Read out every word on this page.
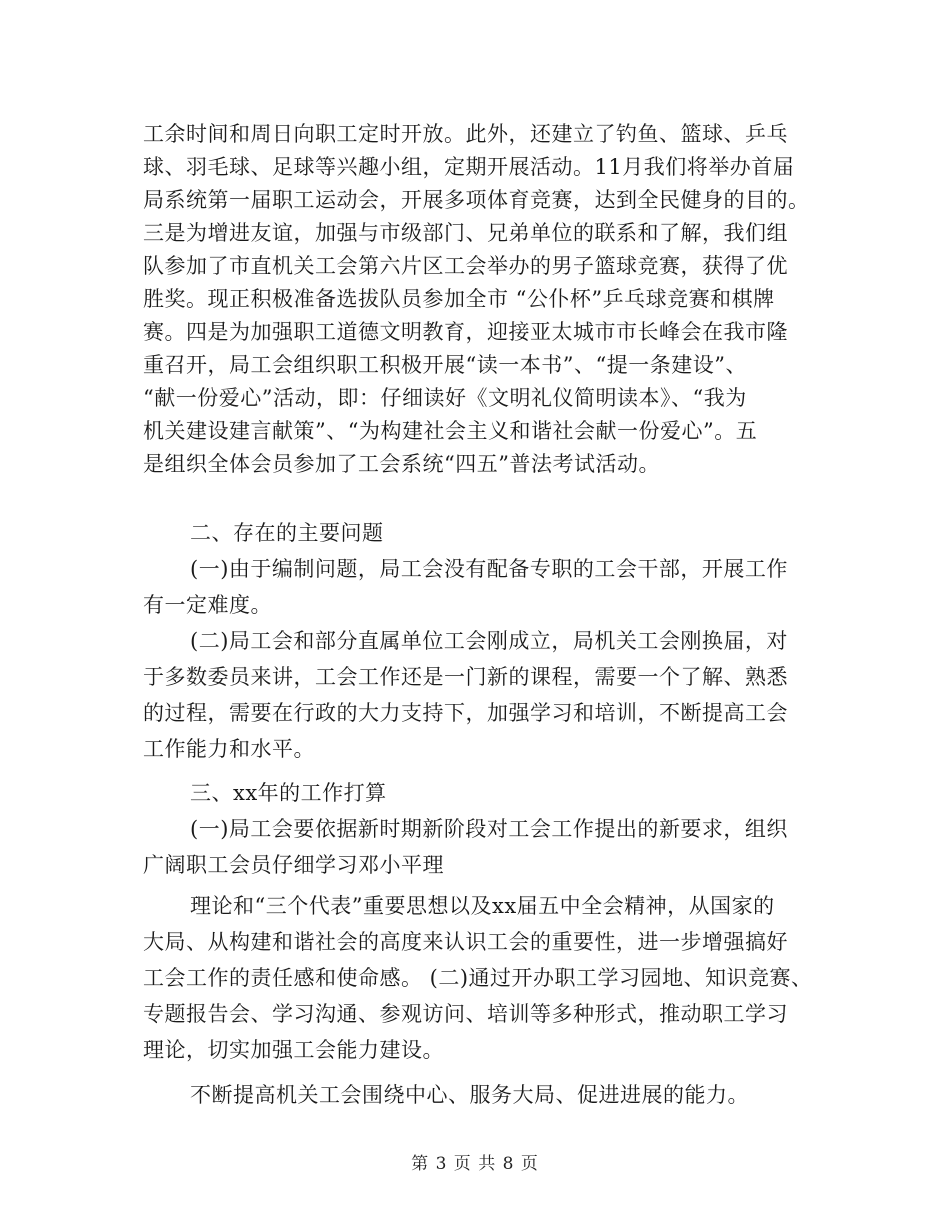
工余时间和周日向职工定时开放。此外，还建立了钓鱼、篮球、乒乓
球、羽毛球、足球等兴趣小组，定期开展活动。11月我们将举办首届
局系统第一届职工运动会，开展多项体育竞赛，达到全民健身的目的。
三是为增进友谊，加强与市级部门、兄弟单位的联系和了解，我们组
队参加了市直机关工会第六片区工会举办的男子篮球竞赛，获得了优
胜奖。现正积极准备选拔队员参加全市 “公仆杯”乒乓球竞赛和棋牌
赛。四是为加强职工道德文明教育，迎接亚太城市市长峰会在我市隆
重召开，局工会组织职工积极开展“读一本书”、“提一条建设”、
“献一份爱心”活动，即：仔细读好《文明礼仪简明读本》、“我为
机关建设建言献策”、“为构建社会主义和谐社会献一份爱心”。五
是组织全体会员参加了工会系统“四五”普法考试活动。
二、存在的主要问题
(一)由于编制问题，局工会没有配备专职的工会干部，开展工作
有一定难度。
(二)局工会和部分直属单位工会刚成立，局机关工会刚换届，对
于多数委员来讲，工会工作还是一门新的课程，需要一个了解、熟悉
的过程，需要在行政的大力支持下，加强学习和培训，不断提高工会
工作能力和水平。
三、xx年的工作打算
(一)局工会要依据新时期新阶段对工会工作提出的新要求，组织
广阔职工会员仔细学习邓小平理
理论和“三个代表”重要思想以及xx届五中全会精神，从国家的
大局、从构建和谐社会的高度来认识工会的重要性，进一步增强搞好
工会工作的责任感和使命感。 (二)通过开办职工学习园地、知识竞赛、
专题报告会、学习沟通、参观访问、培训等多种形式，推动职工学习
理论，切实加强工会能力建设。
不断提高机关工会围绕中心、服务大局、促进进展的能力。
第 3 页 共 8 页
